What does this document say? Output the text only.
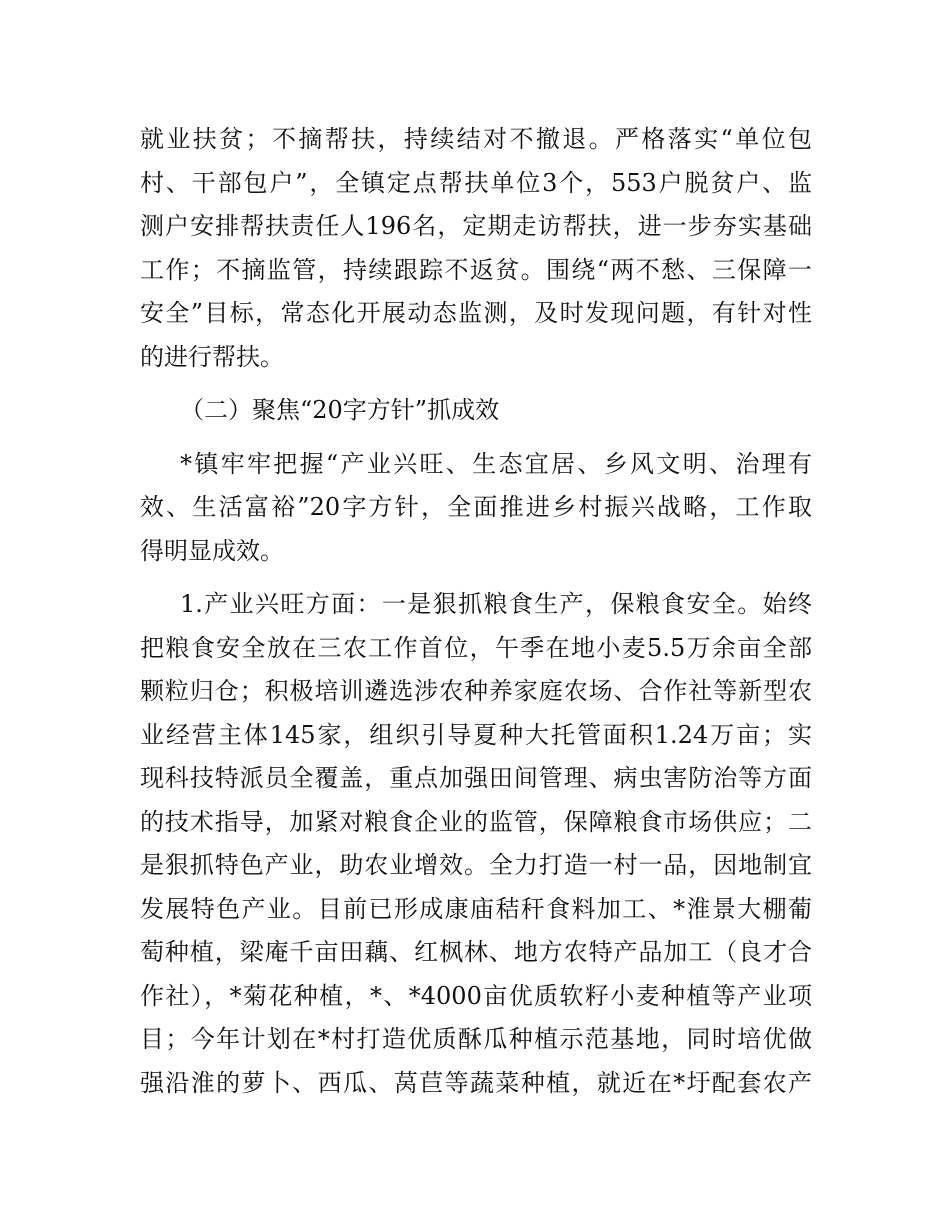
就业扶贫；不摘帮扶，持续结对不撤退。严格落实“单位包
村、干部包户”，全镇定点帮扶单位3个，553户脱贫户、监
测户安排帮扶责任人196名，定期走访帮扶，进一步夯实基础
工作；不摘监管，持续跟踪不返贫。围绕“两不愁、三保障一
安全”目标，常态化开展动态监测，及时发现问题，有针对性
的进行帮扶。
（二）聚焦“20字方针”抓成效
*镇牢牢把握“产业兴旺、生态宜居、乡风文明、治理有
效、生活富裕”20字方针，全面推进乡村振兴战略，工作取
得明显成效。
1.产业兴旺方面：一是狠抓粮食生产，保粮食安全。始终
把粮食安全放在三农工作首位，午季在地小麦5.5万余亩全部
颗粒归仓；积极培训遴选涉农种养家庭农场、合作社等新型农
业经营主体145家，组织引导夏种大托管面积1.24万亩；实
现科技特派员全覆盖，重点加强田间管理、病虫害防治等方面
的技术指导，加紧对粮食企业的监管，保障粮食市场供应；二
是狠抓特色产业，助农业增效。全力打造一村一品，因地制宜
发展特色产业。目前已形成康庙秸秆食料加工、*淮景大棚葡
萄种植，梁庵千亩田藕、红枫林、地方农特产品加工（良才合
作社），*菊花种植，*、*4000亩优质软籽小麦种植等产业项
目；今年计划在*村打造优质酥瓜种植示范基地，同时培优做
强沿淮的萝卜、西瓜、莴苣等蔬菜种植，就近在*圩配套农产
